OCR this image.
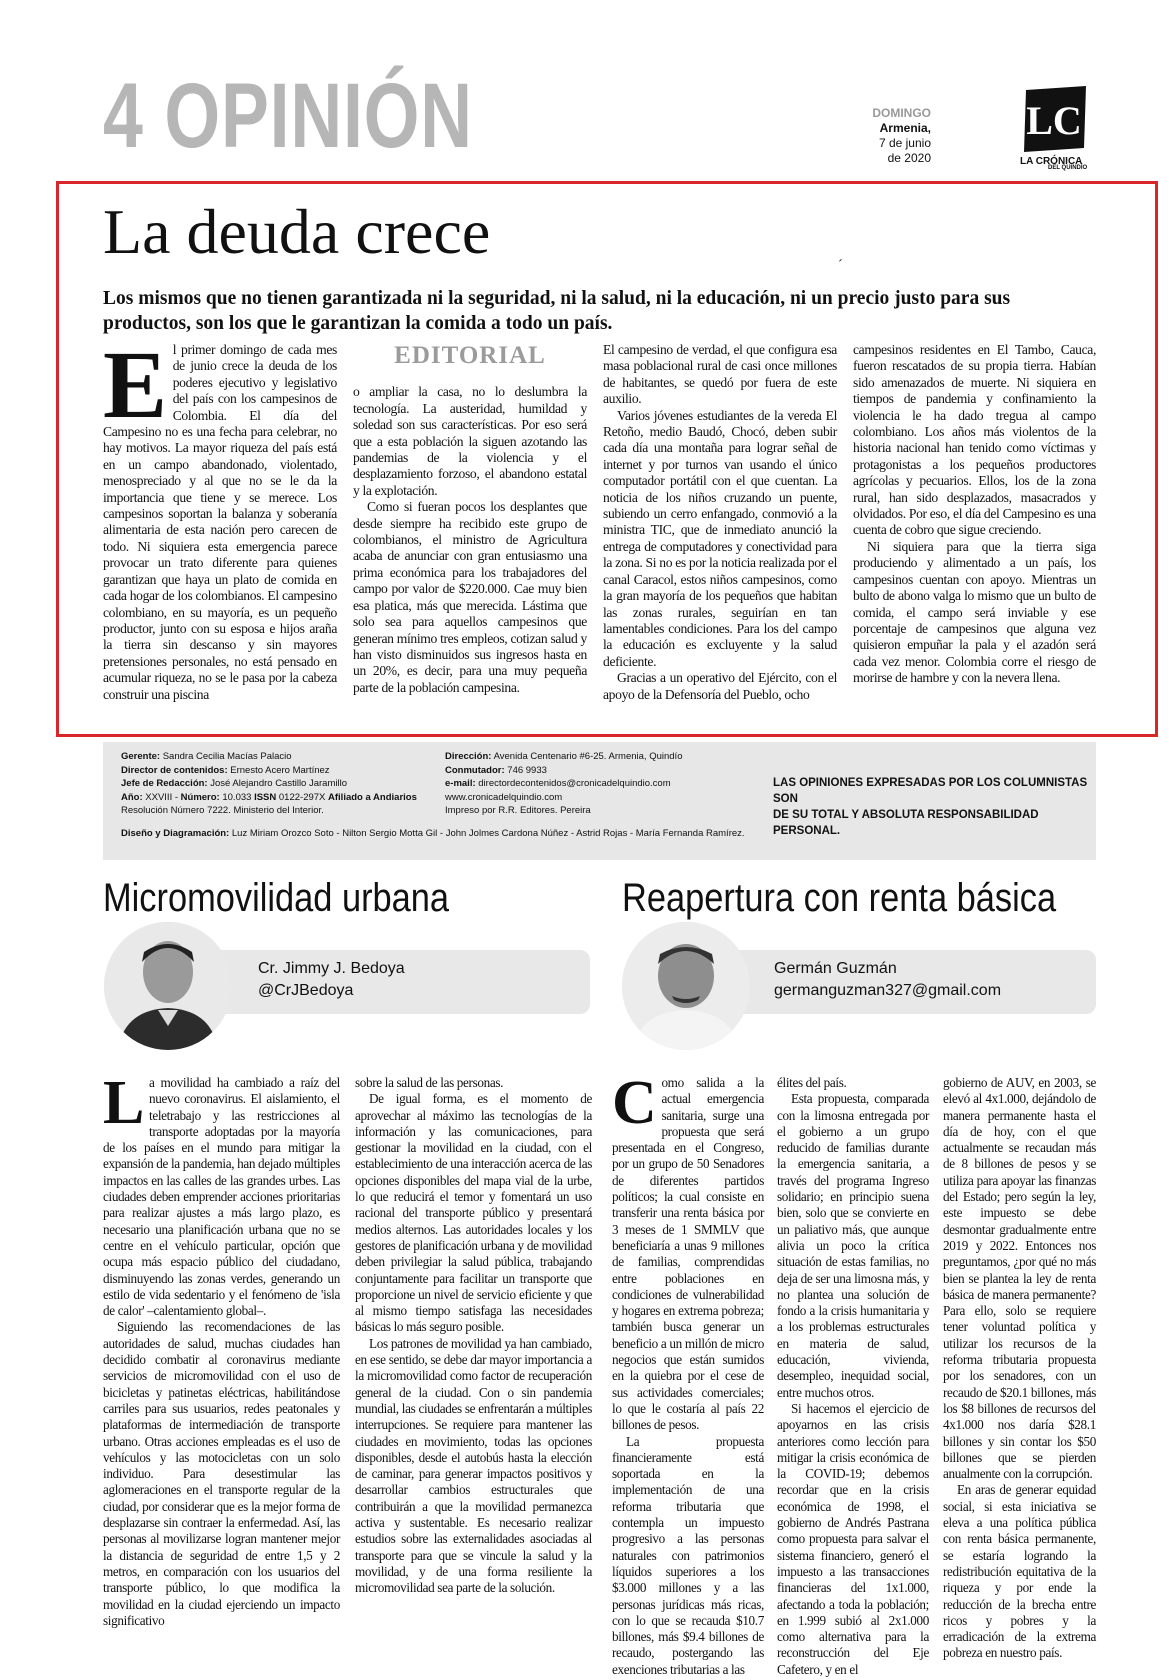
4 OPINIÓN	DOMINGO
Armenia,
7 de junio
de 2020
LC
LA CRÓNICA
DEL QUINDÍO
La deuda crece	´
Los mismos que no tienen garantizada ni la seguridad, ni la salud, ni la educación, ni un precio justo para sus productos, son los que le garantizan la comida a todo un país.
E l primer domingo de cada mes de junio crece la deuda de los poderes ejecutivo y legislativo del país con los campesinos de Colombia. El día del Campesino no es una fecha para celebrar, no hay motivos. La mayor riqueza del país está en un campo abandonado, violentado, menospreciado y al que no se le da la importancia que tiene y se merece. Los campesinos soportan la balanza y soberanía alimentaria de esta nación pero carecen de todo. Ni siquiera esta emergencia parece provocar un trato diferente para quienes garantizan que haya un plato de comida en cada hogar de los colombianos. El campesino colombiano, en su mayoría, es un pequeño productor, junto con su esposa e hijos araña la tierra sin descanso y sin mayores pretensiones personales, no está pensado en acumular riqueza, no se le pasa por la cabeza construir una piscina

EDITORIAL

o ampliar la casa, no lo deslumbra la tecnología. La austeridad, humildad y soledad son sus características. Por eso será que a esta población la siguen azotando las pandemias de la violencia y el desplazamiento forzoso, el abandono estatal y la explotación.

Como si fueran pocos los desplantes que desde siempre ha recibido este grupo de colombianos, el ministro de Agricultura acaba de anunciar con gran entusiasmo una prima económica para los trabajadores del campo por valor de $220.000. Cae muy bien esa platica, más que merecida. Lástima que solo sea para aquellos campesinos que generan mínimo tres empleos, cotizan salud y han visto disminuidos sus ingresos hasta en un 20%, es decir, para una muy pequeña parte de la población campesina.

El campesino de verdad, el que configura esa masa poblacional rural de casi once millones de habitantes, se quedó por fuera de este auxilio.

Varios jóvenes estudiantes de la vereda El Retoño, medio Baudó, Chocó, deben subir cada día una montaña para lograr señal de internet y por turnos van usando el único computador portátil con el que cuentan. La noticia de los niños cruzando un puente, subiendo un cerro enfangado, conmovió a la ministra TIC, que de inmediato anunció la entrega de computadores y conectividad para la zona. Si no es por la noticia realizada por el canal Caracol, estos niños campesinos, como la gran mayoría de los pequeños que habitan las zonas rurales, seguirían en tan lamentables condiciones. Para los del campo la educación es excluyente y la salud deficiente.

Gracias a un operativo del Ejército, con el apoyo de la Defensoría del Pueblo, ocho

campesinos residentes en El Tambo, Cauca, fueron rescatados de su propia tierra. Habían sido amenazados de muerte. Ni siquiera en tiempos de pandemia y confinamiento la violencia le ha dado tregua al campo colombiano. Los años más violentos de la historia nacional han tenido como víctimas y protagonistas a los pequeños productores agrícolas y pecuarios. Ellos, los de la zona rural, han sido desplazados, masacrados y olvidados. Por eso, el día del Campesino es una cuenta de cobro que sigue creciendo.

Ni siquiera para que la tierra siga produciendo y alimentado a un país, los campesinos cuentan con apoyo. Mientras un bulto de abono valga lo mismo que un bulto de comida, el campo será inviable y ese porcentaje de campesinos que alguna vez quisieron empuñar la pala y el azadón será cada vez menor. Colombia corre el riesgo de morirse de hambre y con la nevera llena.

Gerente: Sandra Cecilia Macías Palacio
Director de contenidos: Ernesto Acero Martínez
Jefe de Redacción: José Alejandro Castillo Jaramillo
Año: XXVIII - Número: 10.033 ISSN 0122-297X Afiliado a Andiarios
Resolución Número 7222. Ministerio del Interior.
Dirección: Avenida Centenario #6-25. Armenia, Quindío
Conmutador: 746 9933
e-mail: directordecontenidos@cronicadelquindio.com
www.cronicadelquindio.com
Impreso por R.R. Editores. Pereira
LAS OPINIONES EXPRESADAS POR LOS COLUMNISTAS SON
DE SU TOTAL Y ABSOLUTA RESPONSABILIDAD PERSONAL.
Diseño y Diagramación: Luz Miriam Orozco Soto - Nilton Sergio Motta Gil - John Jolmes Cardona Núñez - Astrid Rojas - María Fernanda Ramírez.
Micromovilidad urbana
Cr. Jimmy J. Bedoya
@CrJBedoya
L a movilidad ha cambiado a raíz del nuevo coronavirus. El aislamiento, el teletrabajo y las restricciones al transporte adoptadas por la mayoría de los países en el mundo para mitigar la expansión de la pandemia, han dejado múltiples impactos en las calles de las grandes urbes. Las ciudades deben emprender acciones prioritarias para realizar ajustes a más largo plazo, es necesario una planificación urbana que no se centre en el vehículo particular, opción que ocupa más espacio público del ciudadano, disminuyendo las zonas verdes, generando un estilo de vida sedentario y el fenómeno de 'isla de calor' –calentamiento global–.

Siguiendo las recomendaciones de las autoridades de salud, muchas ciudades han decidido combatir al coronavirus mediante servicios de micromovilidad con el uso de bicicletas y patinetas eléctricas, habilitándose carriles para sus usuarios, redes peatonales y plataformas de intermediación de transporte urbano. Otras acciones empleadas es el uso de vehículos y las motocicletas con un solo individuo. Para desestimular las aglomeraciones en el transporte regular de la ciudad, por considerar que es la mejor forma de desplazarse sin contraer la enfermedad. Así, las personas al movilizarse logran mantener mejor la distancia de seguridad de entre 1,5 y 2 metros, en comparación con los usuarios del transporte público, lo que modifica la movilidad en la ciudad ejerciendo un impacto significativo

sobre la salud de las personas.

De igual forma, es el momento de aprovechar al máximo las tecnologías de la información y las comunicaciones, para gestionar la movilidad en la ciudad, con el establecimiento de una interacción acerca de las opciones disponibles del mapa vial de la urbe, lo que reducirá el temor y fomentará un uso racional del transporte público y presentará medios alternos. Las autoridades locales y los gestores de planificación urbana y de movilidad deben privilegiar la salud pública, trabajando conjuntamente para facilitar un transporte que proporcione un nivel de servicio eficiente y que al mismo tiempo satisfaga las necesidades básicas lo más seguro posible.

Los patrones de movilidad ya han cambiado, en ese sentido, se debe dar mayor importancia a la micromovilidad como factor de recuperación general de la ciudad. Con o sin pandemia mundial, las ciudades se enfrentarán a múltiples interrupciones. Se requiere para mantener las ciudades en movimiento, todas las opciones disponibles, desde el autobús hasta la elección de caminar, para generar impactos positivos y desarrollar cambios estructurales que contribuirán a que la movilidad permanezca activa y sustentable. Es necesario realizar estudios sobre las externalidades asociadas al transporte para que se vincule la salud y la movilidad, y de una forma resiliente la micromovilidad sea parte de la solución.

Reapertura con renta básica
Germán Guzmán
germanguzman327@gmail.com
C omo salida a la actual emergencia sanitaria, surge una propuesta que será presentada en el Congreso, por un grupo de 50 Senadores de diferentes partidos políticos; la cual consiste en transferir una renta básica por 3 meses de 1 SMMLV que beneficiaría a unas 9 millones de familias, comprendidas entre poblaciones en condiciones de vulnerabilidad y hogares en extrema pobreza; también busca generar un beneficio a un millón de micro negocios que están sumidos en la quiebra por el cese de sus actividades comerciales; lo que le costaría al país 22 billones de pesos.

La propuesta financieramente está soportada en la implementación de una reforma tributaria que contempla un impuesto progresivo a las personas naturales con patrimonios líquidos superiores a los $3.000 millones y a las personas jurídicas más ricas, con lo que se recauda $10.7 billones, más $9.4 billones de recaudo, postergando las exenciones tributarias a las

élites del país.

Esta propuesta, comparada con la limosna entregada por el gobierno a un grupo reducido de familias durante la emergencia sanitaria, a través del programa Ingreso solidario; en principio suena bien, solo que se convierte en un paliativo más, que aunque alivia un poco la crítica situación de estas familias, no deja de ser una limosna más, y no plantea una solución de fondo a la crisis humanitaria y a los problemas estructurales en materia de salud, educación, vivienda, desempleo, inequidad social, entre muchos otros.

Si hacemos el ejercicio de apoyarnos en las crisis anteriores como lección para mitigar la crisis económica de la COVID-19; debemos recordar que en la crisis económica de 1998, el gobierno de Andrés Pastrana como propuesta para salvar el sistema financiero, generó el impuesto a las transacciones financieras del 1x1.000, afectando a toda la población; en 1.999 subió al 2x1.000 como alternativa para la reconstrucción del Eje Cafetero, y en el

gobierno de AUV, en 2003, se elevó al 4x1.000, dejándolo de manera permanente hasta el día de hoy, con el que actualmente se recaudan más de 8 billones de pesos y se utiliza para apoyar las finanzas del Estado; pero según la ley, este impuesto se debe desmontar gradualmente entre 2019 y 2022. Entonces nos preguntamos, ¿por qué no más bien se plantea la ley de renta básica de manera permanente? Para ello, solo se requiere tener voluntad política y utilizar los recursos de la reforma tributaria propuesta por los senadores, con un recaudo de $20.1 billones, más los $8 billones de recursos del 4x1.000 nos daría $28.1 billones y sin contar los $50 billones que se pierden anualmente con la corrupción.

En aras de generar equidad social, si esta iniciativa se eleva a una política pública con renta básica permanente, se estaría logrando la redistribución equitativa de la riqueza y por ende la reducción de la brecha entre ricos y pobres y la erradicación de la extrema pobreza en nuestro país.
